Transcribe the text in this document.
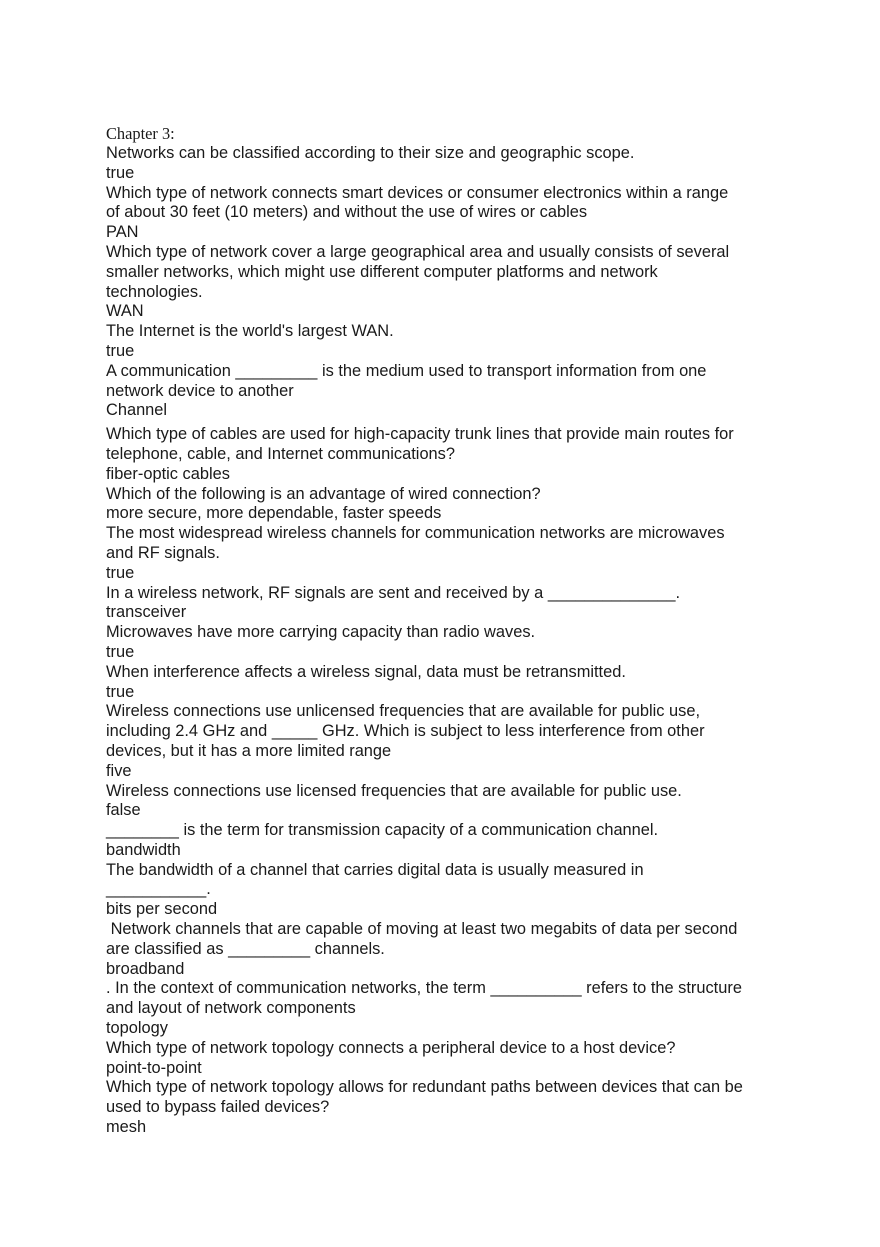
Chapter 3:
Networks can be classified according to their size and geographic scope.
true
Which type of network connects smart devices or consumer electronics within a range
of about 30 feet (10 meters) and without the use of wires or cables
PAN
Which type of network cover a large geographical area and usually consists of several
smaller networks, which might use different computer platforms and network
technologies.
WAN
The Internet is the world's largest WAN.
true
A communication _________ is the medium used to transport information from one
network device to another
Channel
Which type of cables are used for high-capacity trunk lines that provide main routes for
telephone, cable, and Internet communications?
fiber-optic cables
Which of the following is an advantage of wired connection?
more secure, more dependable, faster speeds
The most widespread wireless channels for communication networks are microwaves
and RF signals.
true
In a wireless network, RF signals are sent and received by a ______________.
transceiver
Microwaves have more carrying capacity than radio waves.
true
When interference affects a wireless signal, data must be retransmitted.
true
Wireless connections use unlicensed frequencies that are available for public use,
including 2.4 GHz and _____ GHz. Which is subject to less interference from other
devices, but it has a more limited range
five
Wireless connections use licensed frequencies that are available for public use.
false
________ is the term for transmission capacity of a communication channel.
bandwidth
The bandwidth of a channel that carries digital data is usually measured in
___________.
bits per second
Network channels that are capable of moving at least two megabits of data per second
are classified as _________ channels.
broadband
. In the context of communication networks, the term __________ refers to the structure
and layout of network components
topology
Which type of network topology connects a peripheral device to a host device?
point-to-point
Which type of network topology allows for redundant paths between devices that can be
used to bypass failed devices?
mesh
